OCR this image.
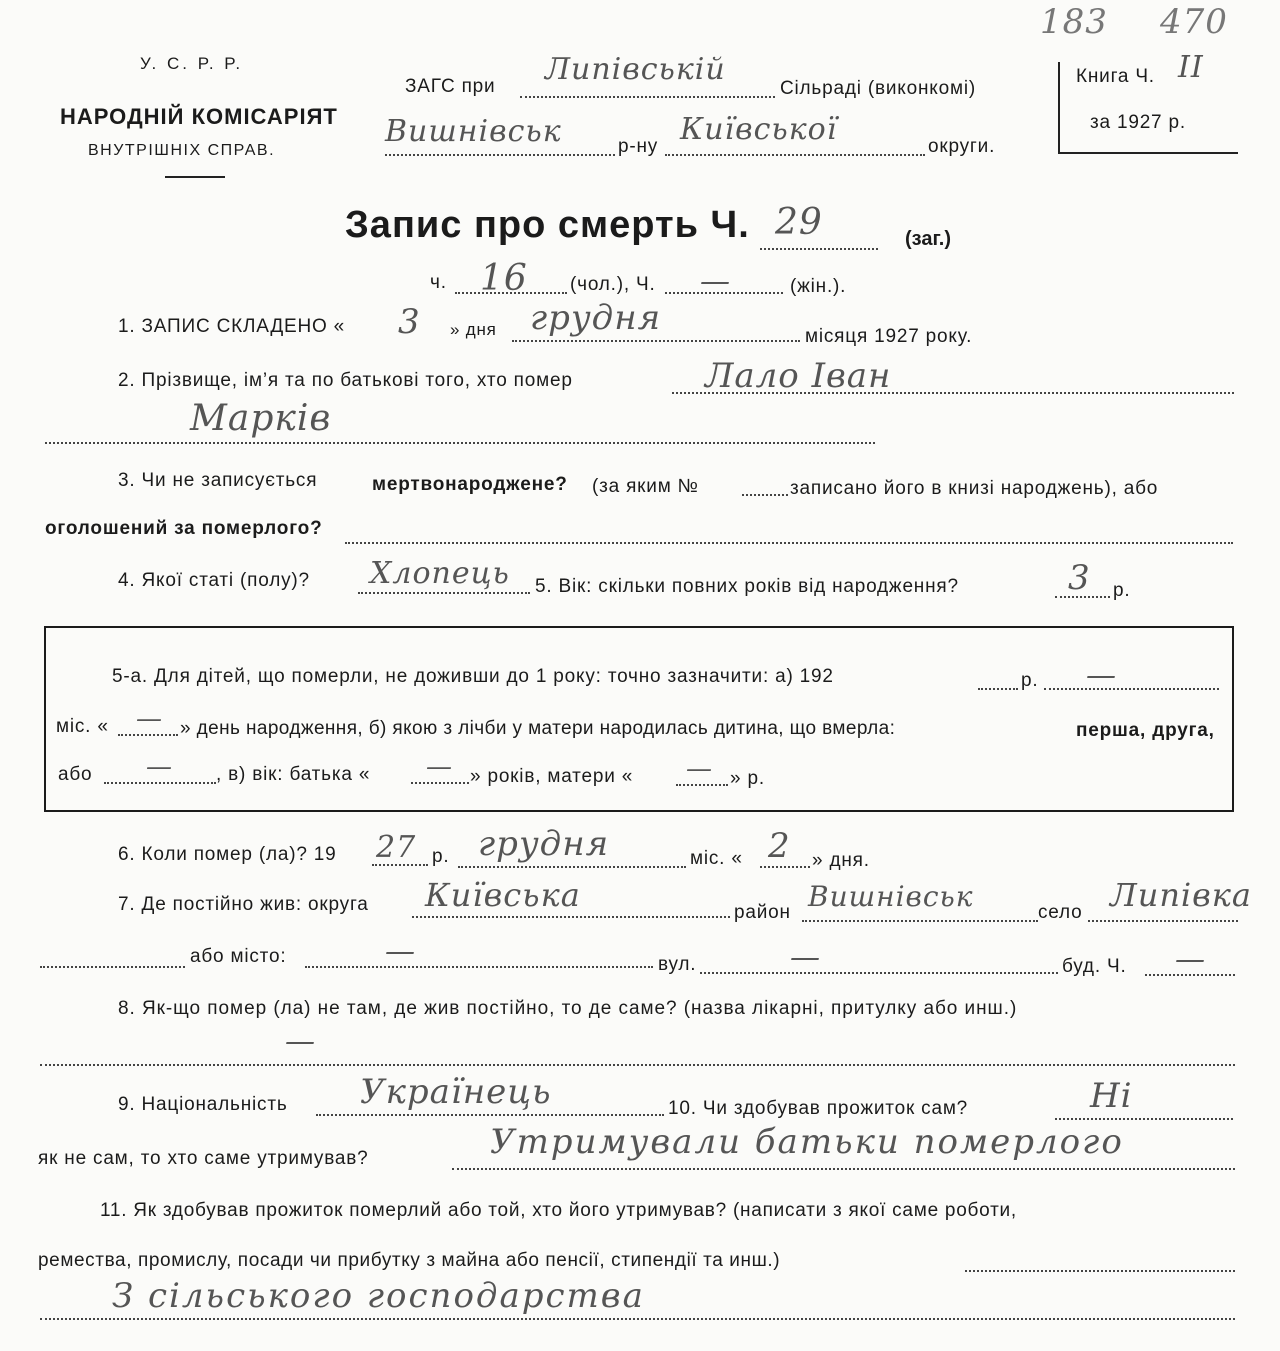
183 470
У. С. Р. Р.
НАРОДНІЙ КОМІСАРІЯТ
ВНУТРІШНІХ СПРАВ.
ЗАГС при Липівській
Сільраді (виконкомі)
Вишнівськ	р-ну Київської	округи.
Книга Ч. II
за 1927 р.
Запис про смерть Ч. 29	(заг.)
ч. 16 (чол.), Ч. —	(жін.).
1. ЗАПИС СКЛАДЕНО « 3 » дня грудня	місяця 1927 року.
2. Прізвище, ім’я та по батькові того, хто помер	Лало Іван
Марків
3. Чи не записується	мертвонароджене? (за яким №	записано його в книзі народжень), або
оголошений за померлого?
4. Якої статі (полу)? Хлопець 5. Вік: скільки повних років від народження?	3 р.
5-а. Для дітей, що померли, не доживши до 1 року: точно зазначити: а) 192	р. —
міс. « — » день народження, б) якою з лічби у матери народилась дитина, що вмерла:	перша, друга,
або — , в) вік: батька « — » років, матери « — » р.
6. Коли помер (ла)? 19 27 р. грудня	міс. « 2 » дня.
7. Де постійно жив: округа Київська	район Вишнівськ	село Липівка
або місто:	—	вул.	—	буд. Ч. —
8. Як-що помер (ла) не там, де жив постійно, то де саме? (назва лікарні, притулку або инш.)
—
9. Національність Українець	10. Чи здобував прожиток сам?	Ні
як не сам, то хто саме утримував?	Утримували батьки померлого
11. Як здобував прожиток померлий або той, хто його утримував? (написати з якої саме роботи,
ремества, промислу, посади чи прибутку з майна або пенсії, стипендії та инш.)
З сільського господарства
